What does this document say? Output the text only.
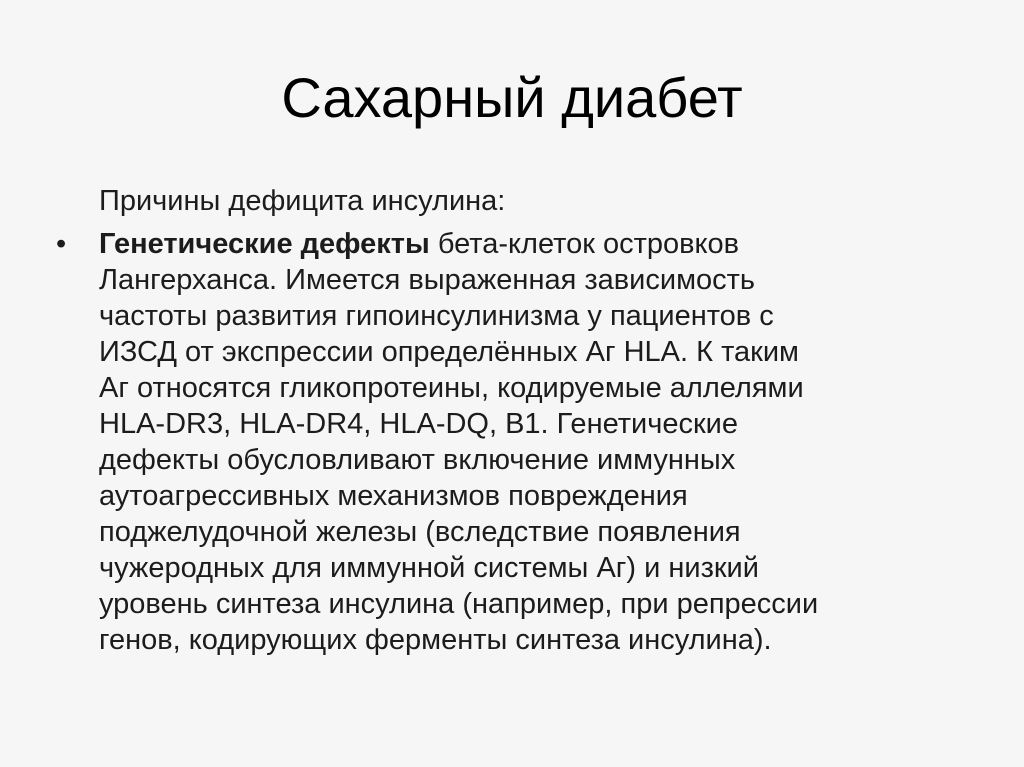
Сахарный диабет

Причины дефицита инсулина:

• Генетические дефекты бета-клеток островков
Лангерханса. Имеется выраженная зависимость
частоты развития гипоинсулинизма у пациентов с
ИЗСД от экспрессии определённых Аг HLA. К таким
Аг относятся гликопротеины, кодируемые аллелями
HLA-DR3, HLA-DR4, HLA-DQ, B1. Генетические
дефекты обусловливают включение иммунных
аутоагрессивных механизмов повреждения
поджелудочной железы (вследствие появления
чужеродных для иммунной системы Аг) и низкий
уровень синтеза инсулина (например, при репрессии
генов, кодирующих ферменты синтеза инсулина).
